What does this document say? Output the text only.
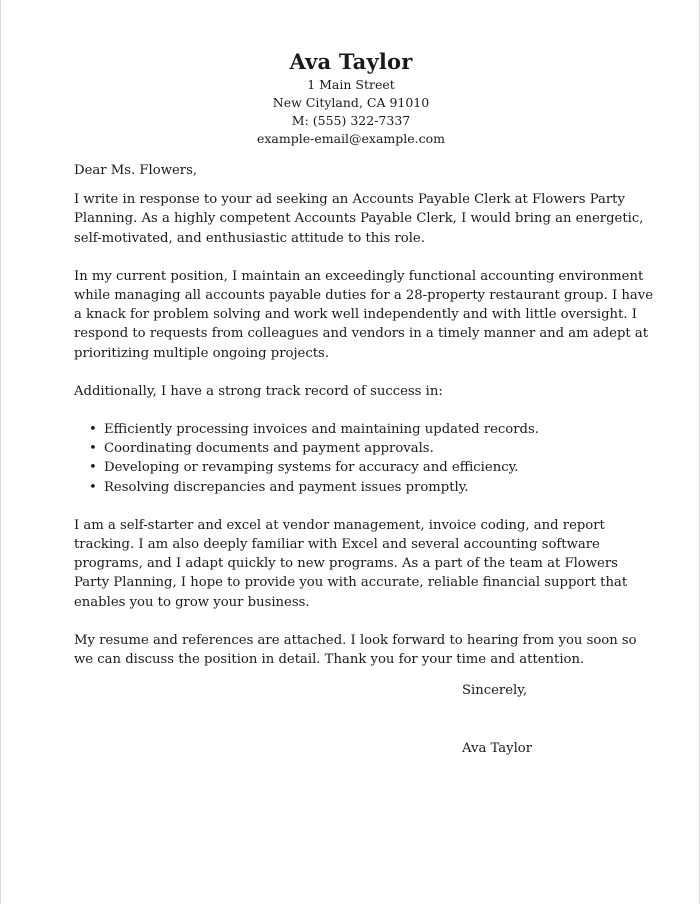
Ava Taylor
1 Main Street
New Cityland, CA 91010
M: (555) 322-7337
example-email@example.com

Dear Ms. Flowers,

I write in response to your ad seeking an Accounts Payable Clerk at Flowers Party Planning. As a highly competent Accounts Payable Clerk, I would bring an energetic, self-motivated, and enthusiastic attitude to this role.

In my current position, I maintain an exceedingly functional accounting environment while managing all accounts payable duties for a 28-property restaurant group. I have a knack for problem solving and work well independently and with little oversight. I respond to requests from colleagues and vendors in a timely manner and am adept at prioritizing multiple ongoing projects.

Additionally, I have a strong track record of success in:

• Efficiently processing invoices and maintaining updated records.
• Coordinating documents and payment approvals.
• Developing or revamping systems for accuracy and efficiency.
• Resolving discrepancies and payment issues promptly.

I am a self-starter and excel at vendor management, invoice coding, and report tracking. I am also deeply familiar with Excel and several accounting software programs, and I adapt quickly to new programs. As a part of the team at Flowers Party Planning, I hope to provide you with accurate, reliable financial support that enables you to grow your business.

My resume and references are attached. I look forward to hearing from you soon so we can discuss the position in detail. Thank you for your time and attention.

Sincerely,
Ava Taylor
